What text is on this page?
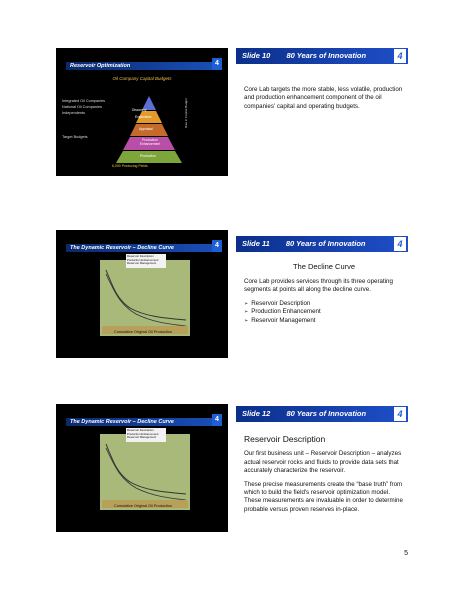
Reservoir Optimization	4
Oil Company Capital Budgets
Integrated Oil Companies
National Oil Companies
Independents
Target Budgets
Discovery
Exploration
Appraisal
Production Enhancement
Production
Rise in Capital Budget
6,000 Producing Fields
Slide 10 80 Years of Innovation	4

Core Lab targets the more stable, less volatile, production and production enhancement component of the oil companies' capital and operating budgets.

The Dynamic Reservoir – Decline Curve	4
Reservoir Description
Production Enhancement
Reservoir Management
Cumulative Original Oil Production
Slide 11 80 Years of Innovation	4

The Decline Curve

Core Lab provides services through its three operating segments at points all along the decline curve.

➢ Reservoir Description
➢ Production Enhancement
➢ Reservoir Management
The Dynamic Reservoir – Decline Curve	4
Reservoir Description
Production Enhancement
Reservoir Management
Cumulative Original Oil Production
Slide 12 80 Years of Innovation	4

Reservoir Description

Our first business unit – Reservoir Description – analyzes actual reservoir rocks and fluids to provide data sets that accurately characterize the reservoir.

These precise measurements create the “base truth” from which to build the field's reservoir optimization model. These measurements are invaluable in order to determine probable versus proven reserves in-place.

5
